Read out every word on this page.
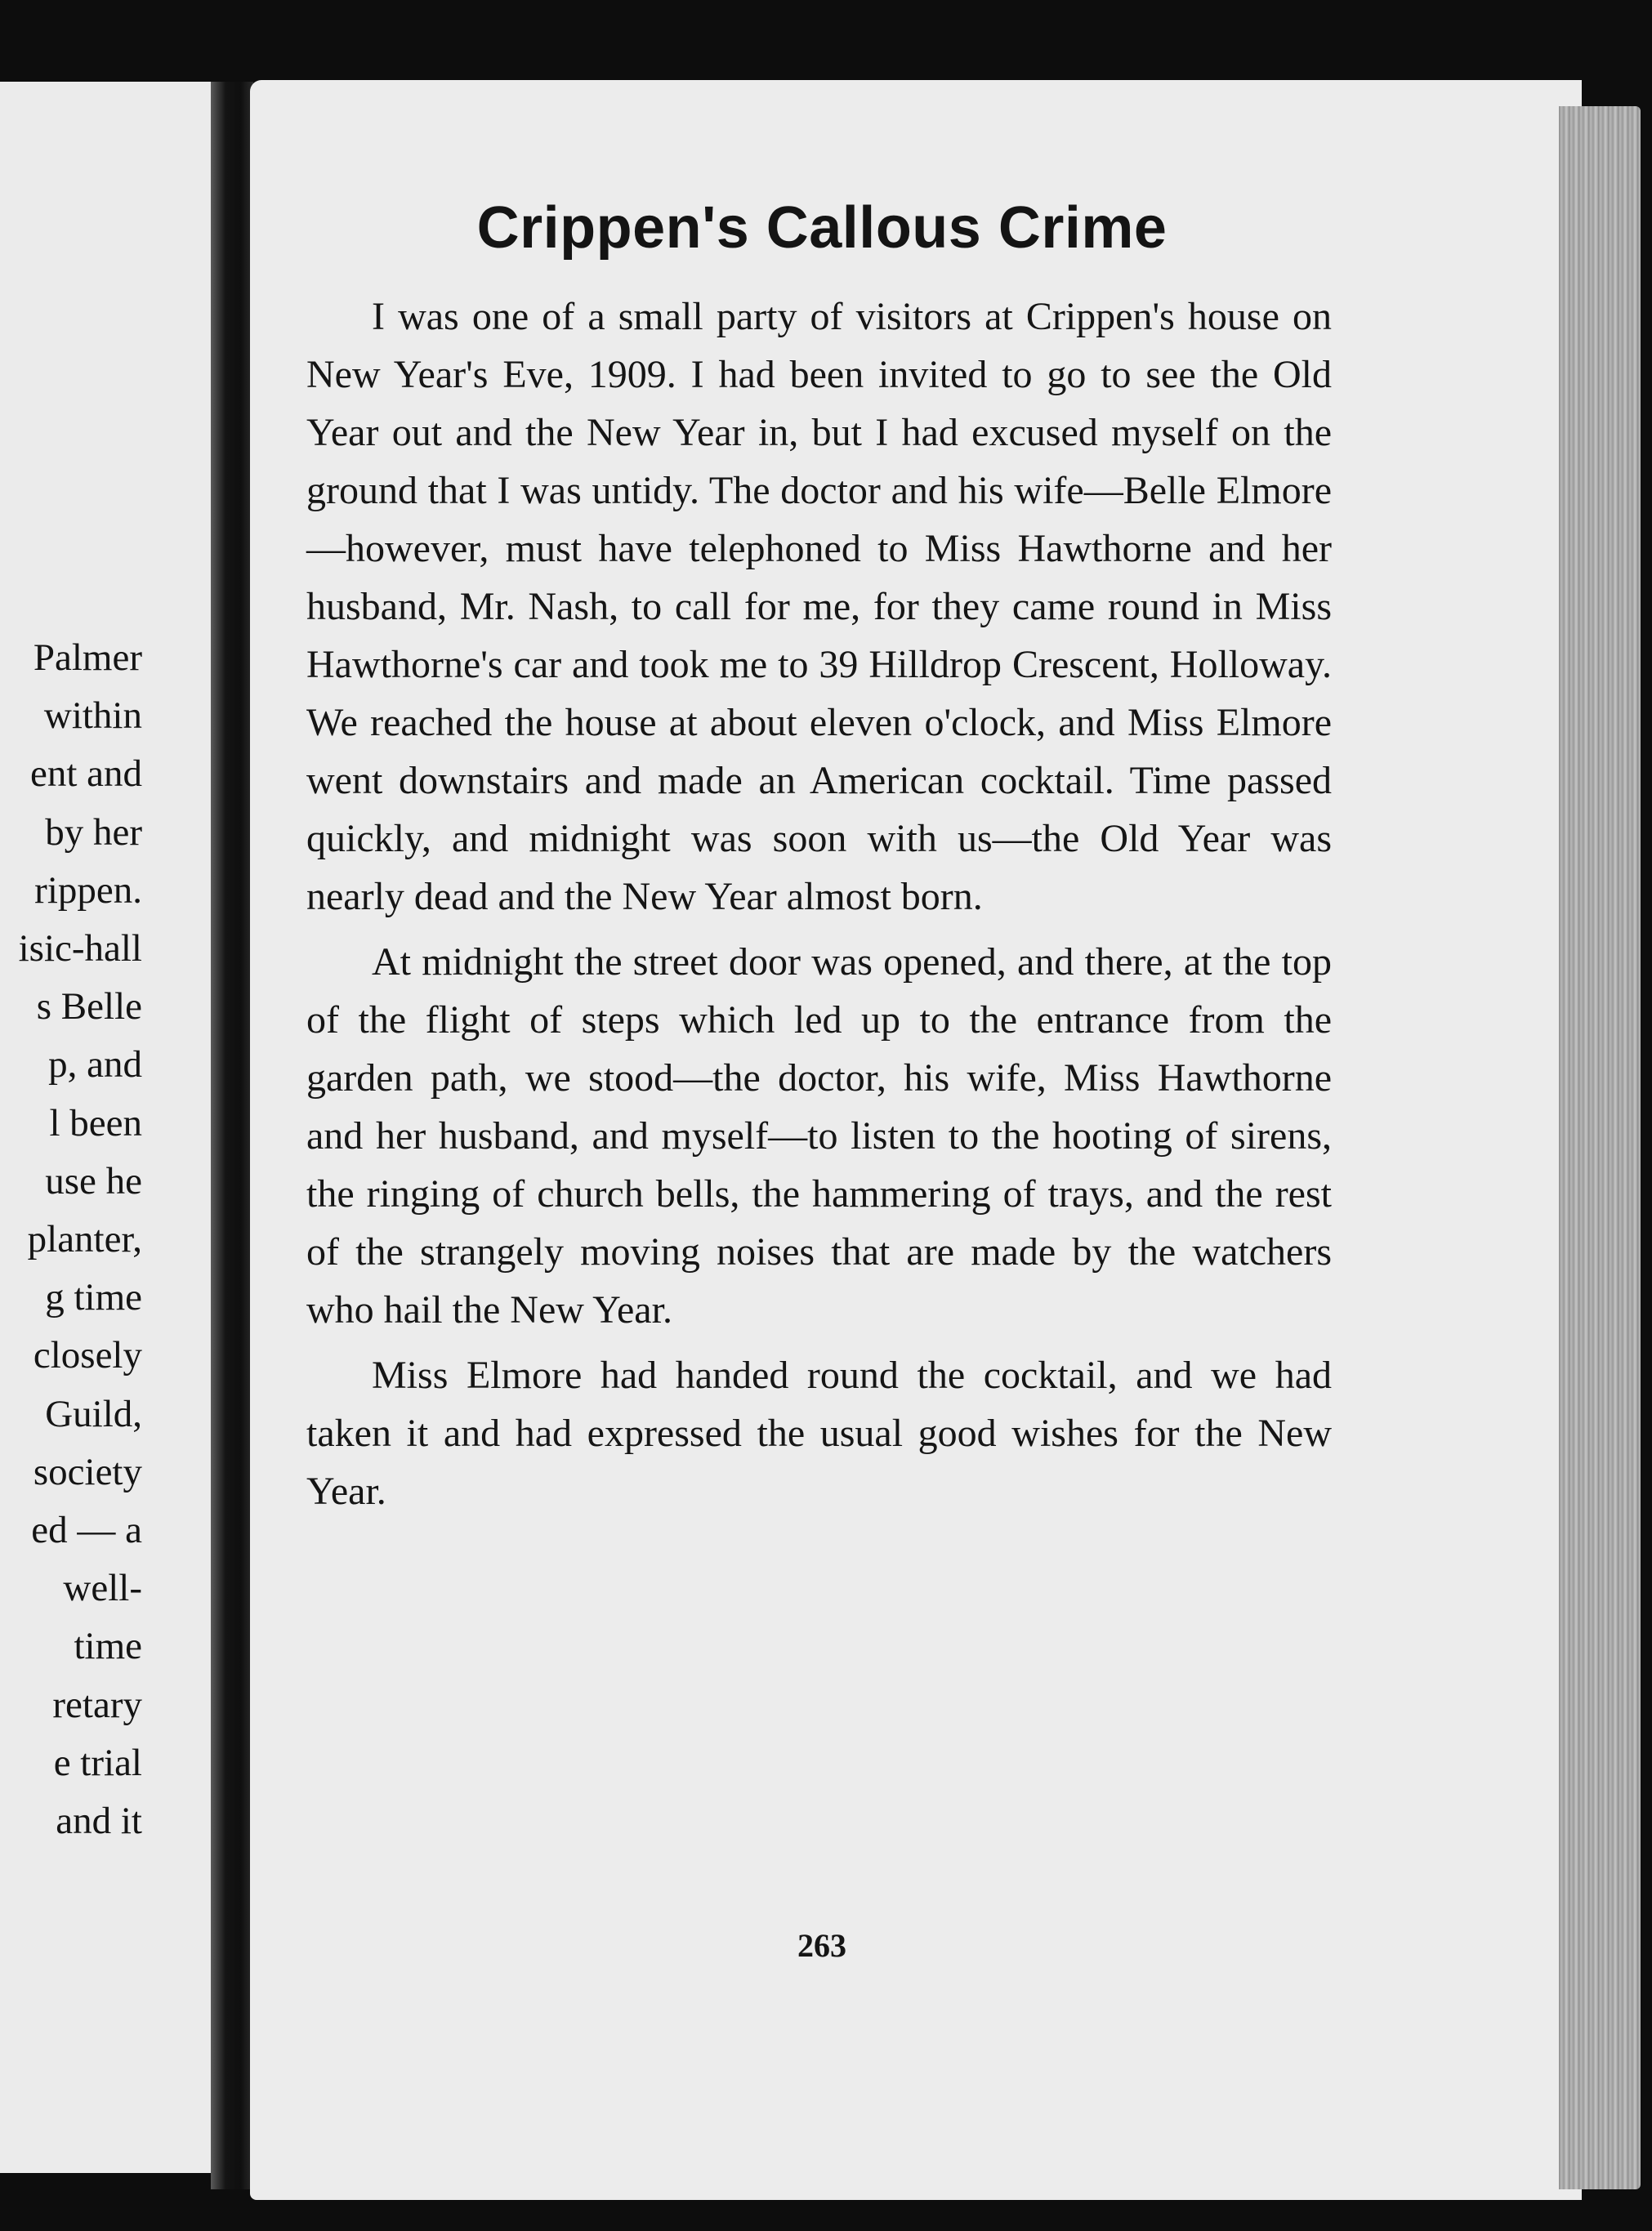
Palmer
within
ent and
by her
rippen.
isic-hall
s Belle
p, and
l been
use he
planter,
g time
closely
Guild,
society
ed — a
well-
time
retary
e trial
and it
Crippen's Callous Crime

I was one of a small party of visitors at Crippen's house on New Year's Eve, 1909. I had been invited to go to see the Old Year out and the New Year in, but I had excused myself on the ground that I was untidy. The doctor and his wife—Belle Elmore—however, must have telephoned to Miss Hawthorne and her husband, Mr. Nash, to call for me, for they came round in Miss Hawthorne's car and took me to 39 Hilldrop Crescent, Holloway. We reached the house at about eleven o'clock, and Miss Elmore went downstairs and made an American cocktail. Time passed quickly, and midnight was soon with us—the Old Year was nearly dead and the New Year almost born.

At midnight the street door was opened, and there, at the top of the flight of steps which led up to the entrance from the garden path, we stood—the doctor, his wife, Miss Hawthorne and her husband, and myself—to listen to the hooting of sirens, the ringing of church bells, the hammering of trays, and the rest of the strangely moving noises that are made by the watchers who hail the New Year.

Miss Elmore had handed round the cocktail, and we had taken it and had expressed the usual good wishes for the New Year.

263
